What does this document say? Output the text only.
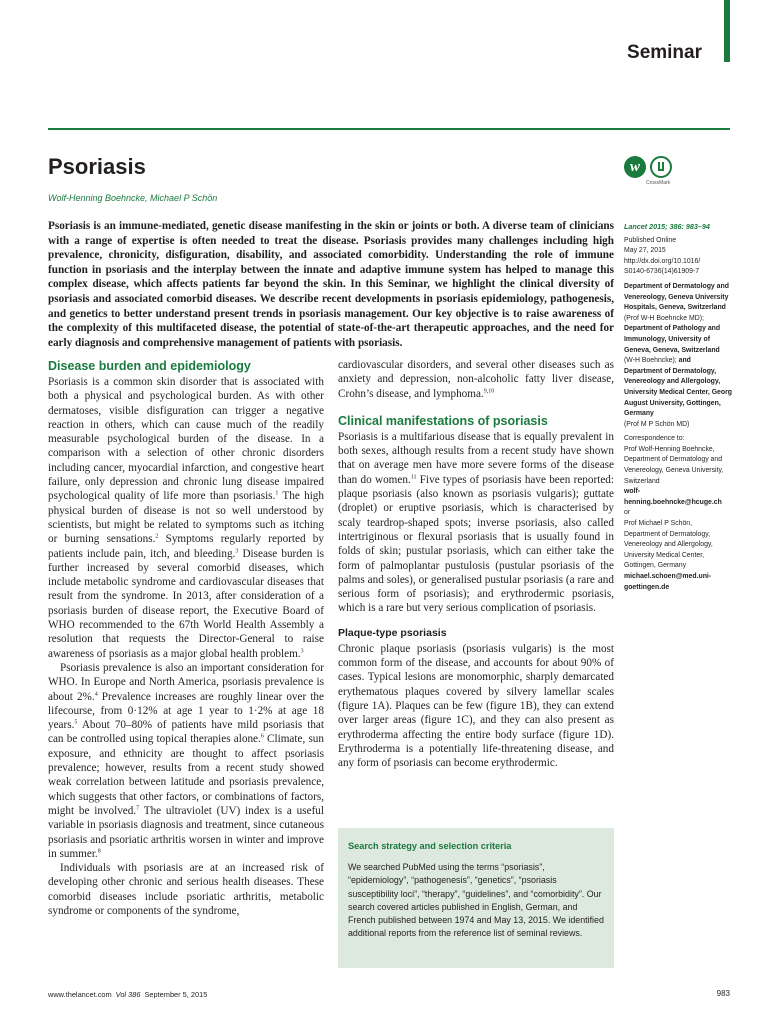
Seminar
Psoriasis
Wolf-Henning Boehncke, Michael P Schön
w
CrossMark

Psoriasis is an immune-mediated, genetic disease manifesting in the skin or joints or both. A diverse team of clinicians with a range of expertise is often needed to treat the disease. Psoriasis provides many challenges including high prevalence, chronicity, disfiguration, disability, and associated comorbidity. Understanding the role of immune function in psoriasis and the interplay between the innate and adaptive immune system has helped to manage this complex disease, which affects patients far beyond the skin. In this Seminar, we highlight the clinical diversity of psoriasis and associated comorbid diseases. We describe recent developments in psoriasis epidemiology, pathogenesis, and genetics to better understand present trends in psoriasis management. Our key objective is to raise awareness of the complexity of this multifaceted disease, the potential of state-of-the-art therapeutic approaches, and the need for early diagnosis and comprehensive management of patients with psoriasis.

Disease burden and epidemiology

Psoriasis is a common skin disorder that is associated with both a physical and psychological burden. As with other dermatoses, visible disfiguration can trigger a negative reaction in others, which can cause much of the readily measurable psychological burden of the disease. In a comparison with a selection of other chronic disorders including cancer, myocardial infarction, and congestive heart failure, only depression and chronic lung disease impaired psychological quality of life more than psoriasis.$^1$ The high physical burden of disease is not so well understood by scientists, but might be related to symptoms such as itching or burning sensations.$^2$ Symptoms regularly reported by patients include pain, itch, and bleeding.$^3$ Disease burden is further increased by several comorbid diseases, which include metabolic syndrome and cardiovascular diseases that result from the syndrome. In 2013, after consideration of a psoriasis burden of disease report, the Executive Board of WHO recommended to the 67th World Health Assembly a resolution that requests the Director-General to raise awareness of psoriasis as a major global health problem.$^3$

Psoriasis prevalence is also an important consideration for WHO. In Europe and North America, psoriasis prevalence is about 2%.$^4$ Prevalence increases are roughly linear over the lifecourse, from 0·12% at age 1 year to 1·2% at age 18 years.$^5$ About 70–80% of patients have mild psoriasis that can be controlled using topical therapies alone.$^6$ Climate, sun exposure, and ethnicity are thought to affect psoriasis prevalence; however, results from a recent study showed weak correlation between latitude and psoriasis prevalence, which suggests that other factors, or combinations of factors, might be involved.$^7$ The ultraviolet (UV) index is a useful variable in psoriasis diagnosis and treatment, since cutaneous psoriasis and psoriatic arthritis worsen in winter and improve in summer.$^8$

Individuals with psoriasis are at an increased risk of developing other chronic and serious health diseases. These comorbid diseases include psoriatic arthritis, metabolic syndrome or components of the syndrome,

cardiovascular disorders, and several other diseases such as anxiety and depression, non-alcoholic fatty liver disease, Crohn’s disease, and lymphoma.$^{9,10}$

Clinical manifestations of psoriasis

Psoriasis is a multifarious disease that is equally prevalent in both sexes, although results from a recent study have shown that on average men have more severe forms of the disease than do women.$^{11}$ Five types of psoriasis have been reported: plaque psoriasis (also known as psoriasis vulgaris); guttate (droplet) or eruptive psoriasis, which is characterised by scaly teardrop-shaped spots; inverse psoriasis, also called intertriginous or flexural psoriasis that is usually found in folds of skin; pustular psoriasis, which can either take the form of palmoplantar pustulosis (pustular psoriasis of the palms and soles), or generalised pustular psoriasis (a rare and serious form of psoriasis); and erythrodermic psoriasis, which is a rare but very serious complication of psoriasis.

Plaque-type psoriasis

Chronic plaque psoriasis (psoriasis vulgaris) is the most common form of the disease, and accounts for about 90% of cases. Typical lesions are monomorphic, sharply demarcated erythematous plaques covered by silvery lamellar scales (figure 1A). Plaques can be few (figure 1B), they can extend over larger areas (figure 1C), and they can also present as erythroderma affecting the entire body surface (figure 1D). Erythroderma is a potentially life-threatening disease, and any form of psoriasis can become erythrodermic.

Search strategy and selection criteria
We searched PubMed using the terms “psoriasis”, “epidemiology”, “pathogenesis”, “genetics”, “psoriasis susceptibility loci”, “therapy”, “guidelines”, and “comorbidity”. Our search covered articles published in English, German, and French published between 1974 and May 13, 2015. We identified additional reports from the reference list of seminal reviews.
Lancet 2015; 386: 983–94
Published Online
May 27, 2015
http://dx.doi.org/10.1016/
S0140-6736(14)61909-7
Department of Dermatology and Venereology, Geneva University Hospitals, Geneva, Switzerland
(Prof W-H Boehncke MD);
Department of Pathology and Immunology, University of Geneva, Geneva, Switzerland
(W-H Boehncke); and
Department of Dermatology, Venereology and Allergology, University Medical Center, Georg August University, Gottingen, Germany
(Prof M P Schön MD)
Correspondence to:
Prof Wolf-Henning Boehncke,
Department of Dermatology and Venereology, Geneva University, Switzerland
wolf-henning.boehncke@hcuge.ch
or
Prof Michael P Schön,
Department of Dermatology, Venereology and Allergology, University Medical Center, Gottingen, Germany
michael.schoen@med.uni-goettingen.de
www.thelancet.com Vol 386 September 5, 2015	983
